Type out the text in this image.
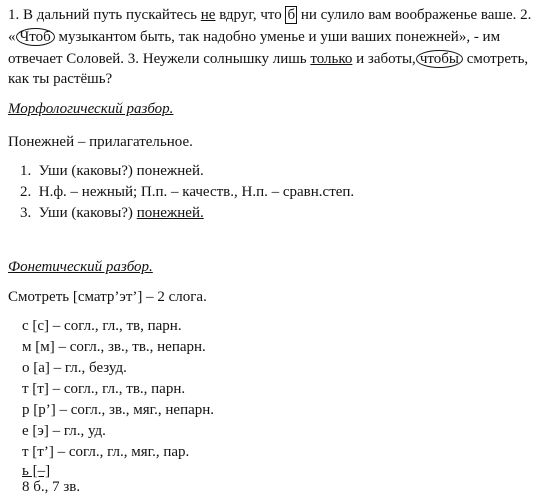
1. В дальний путь пускайтесь не вдруг, что б ни сулило вам воображенье ваше. 2.
« Чтоб музыкантом быть, так надобно уменье и уши ваших понежней», - им
отвечает Соловей. 3. Неужели солнышку лишь только и заботы, чтобы смотреть,
как ты растёшь?
Морфологический разбор.
Понежней – прилагательное.
1. Уши (каковы?) понежней.
2. Н.ф. – нежный; П.п. – качеств., Н.п. – сравн.степ.
3. Уши (каковы?) понежней.
Фонетический разбор.
Смотреть [сматр’эт’] – 2 слога.
с [с] – согл., гл., тв, парн.
м [м] – согл., зв., тв., непарн.
о [а] – гл., безуд.
т [т] – согл., гл., тв., парн.
р [р’] – согл., зв., мяг., непарн.
е [э] – гл., уд.
т [т’] – согл., гл., мяг., пар.
ь [–]
8 б., 7 зв.
